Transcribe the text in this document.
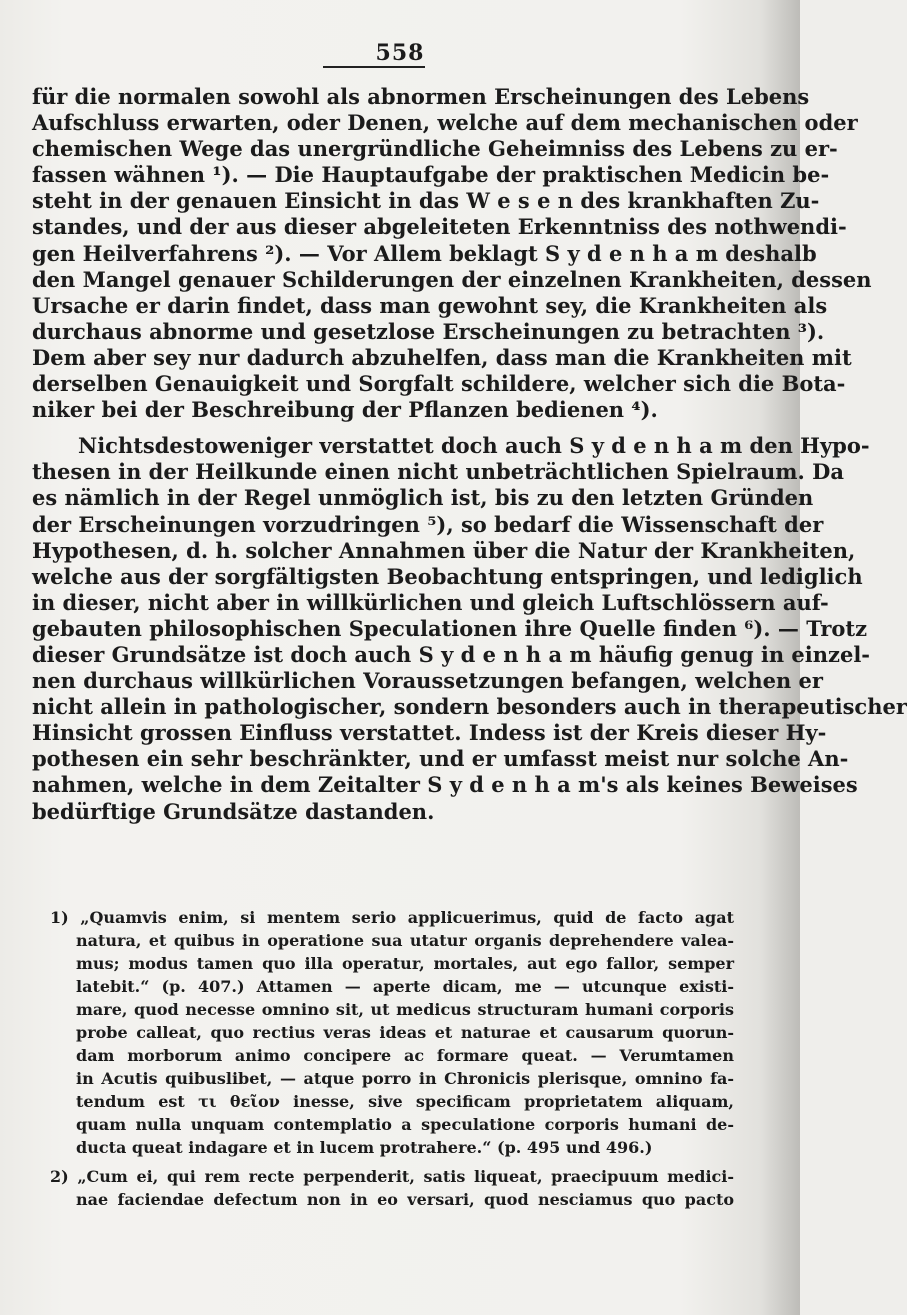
558
für die normalen sowohl als abnormen Erscheinungen des Lebens
Aufschluss erwarten, oder Denen, welche auf dem mechanischen oder
chemischen Wege das unergründliche Geheimniss des Lebens zu er-
fassen wähnen ¹). — Die Hauptaufgabe der praktischen Medicin be-
steht in der genauen Einsicht in das W e s e n des krankhaften Zu-
standes, und der aus dieser abgeleiteten Erkenntniss des nothwendi-
gen Heilverfahrens ²). — Vor Allem beklagt S y d e n h a m deshalb
den Mangel genauer Schilderungen der einzelnen Krankheiten, dessen
Ursache er darin findet, dass man gewohnt sey, die Krankheiten als
durchaus abnorme und gesetzlose Erscheinungen zu betrachten ³).
Dem aber sey nur dadurch abzuhelfen, dass man die Krankheiten mit
derselben Genauigkeit und Sorgfalt schildere, welcher sich die Bota-
niker bei der Beschreibung der Pflanzen bedienen ⁴).
Nichtsdestoweniger verstattet doch auch S y d e n h a m den Hypo-
thesen in der Heilkunde einen nicht unbeträchtlichen Spielraum. Da
es nämlich in der Regel unmöglich ist, bis zu den letzten Gründen
der Erscheinungen vorzudringen ⁵), so bedarf die Wissenschaft der
Hypothesen, d. h. solcher Annahmen über die Natur der Krankheiten,
welche aus der sorgfältigsten Beobachtung entspringen, und lediglich
in dieser, nicht aber in willkürlichen und gleich Luftschlössern auf-
gebauten philosophischen Speculationen ihre Quelle finden ⁶). — Trotz
dieser Grundsätze ist doch auch S y d e n h a m häufig genug in einzel-
nen durchaus willkürlichen Voraussetzungen befangen, welchen er
nicht allein in pathologischer, sondern besonders auch in therapeutischer
Hinsicht grossen Einfluss verstattet. Indess ist der Kreis dieser Hy-
pothesen ein sehr beschränkter, und er umfasst meist nur solche An-
nahmen, welche in dem Zeitalter S y d e n h a m's als keines Beweises
bedürftige Grundsätze dastanden.
1) „Quamvis enim, si mentem serio applicuerimus, quid de facto agat
natura, et quibus in operatione sua utatur organis deprehendere valea-
mus; modus tamen quo illa operatur, mortales, aut ego fallor, semper
latebit.“ (p. 407.) Attamen — aperte dicam, me — utcunque existi-
mare, quod necesse omnino sit, ut medicus structuram humani corporis
probe calleat, quo rectius veras ideas et naturae et causarum quorun-
dam morborum animo concipere ac formare queat. — Verumtamen
in Acutis quibuslibet, — atque porro in Chronicis plerisque, omnino fa-
tendum est τι θεῖον inesse, sive specificam proprietatem aliquam,
quam nulla unquam contemplatio a speculatione corporis humani de-
ducta queat indagare et in lucem protrahere.“ (p. 495 und 496.)
2) „Cum ei, qui rem recte perpenderit, satis liqueat, praecipuum medici-
nae faciendae defectum non in eo versari, quod nesciamus quo pacto
